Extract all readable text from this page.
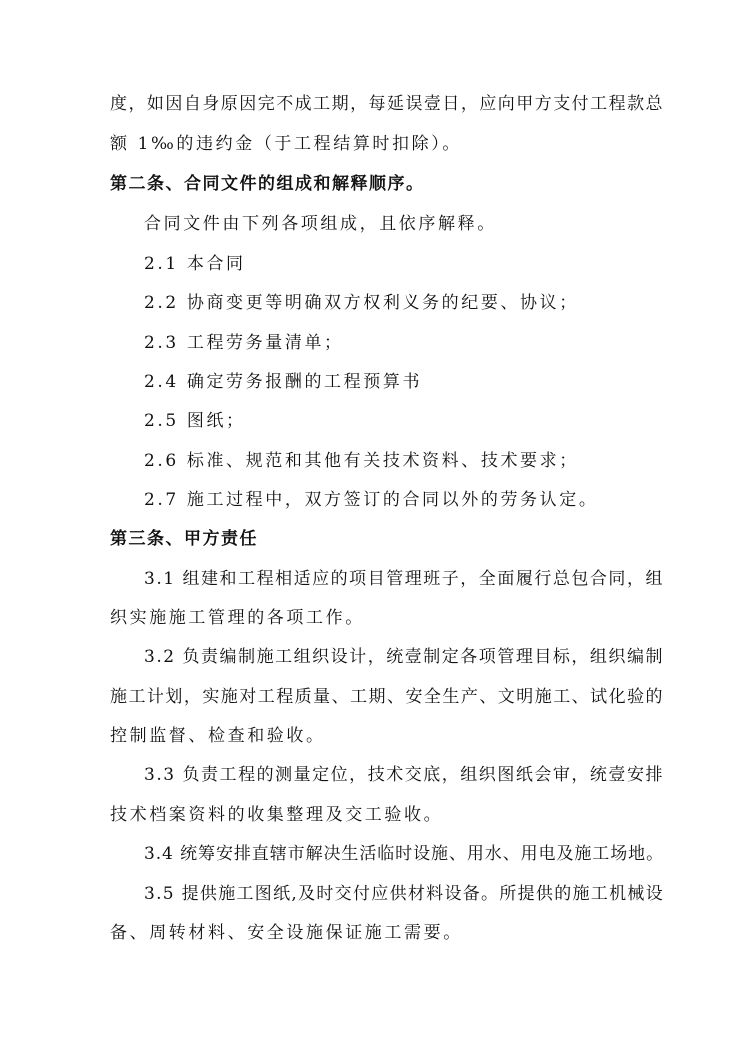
度，如因自身原因完不成工期，每延误壹日，应向甲方支付工程款总
额 1‰的违约金（于工程结算时扣除）。
第二条、合同文件的组成和解释顺序。
合同文件由下列各项组成，且依序解释。
2.1 本合同
2.2 协商变更等明确双方权利义务的纪要、协议；
2.3 工程劳务量清单；
2.4 确定劳务报酬的工程预算书
2.5 图纸；
2.6 标准、规范和其他有关技术资料、技术要求；
2.7 施工过程中，双方签订的合同以外的劳务认定。
第三条、甲方责任
3.1 组建和工程相适应的项目管理班子，全面履行总包合同，组
织实施施工管理的各项工作。
3.2 负责编制施工组织设计，统壹制定各项管理目标，组织编制
施工计划，实施对工程质量、工期、安全生产、文明施工、试化验的
控制监督、检查和验收。
3.3 负责工程的测量定位，技术交底，组织图纸会审，统壹安排
技术档案资料的收集整理及交工验收。
3.4 统筹安排直辖市解决生活临时设施、用水、用电及施工场地。
3.5 提供施工图纸,及时交付应供材料设备。所提供的施工机械设
备、周转材料、安全设施保证施工需要。
